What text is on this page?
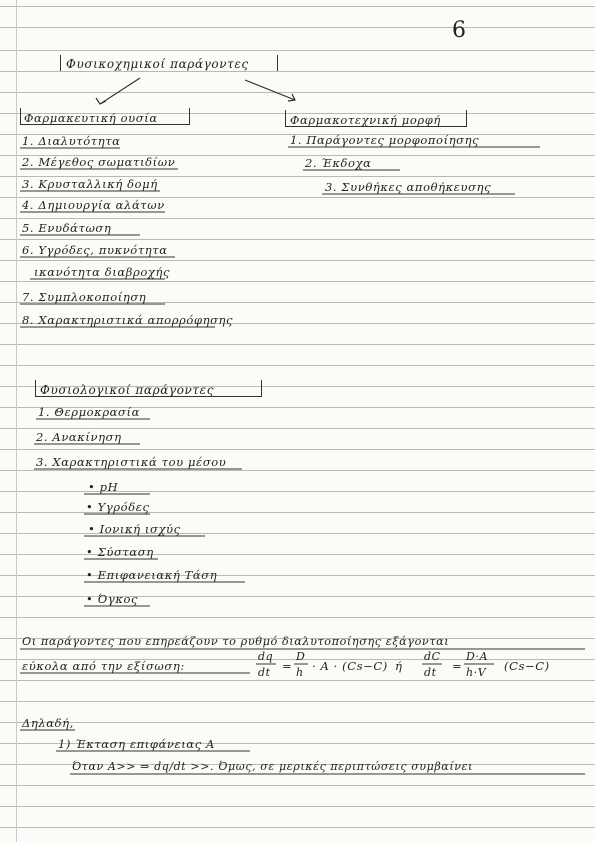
6
Φυσικοχημικοί παράγοντες
Φαρμακευτική ουσία	Φαρμακοτεχνική μορφή
1. Διαλυτότητα
2. Μέγεθος σωματιδίων
3. Κρυσταλλική δομή
4. Δημιουργία αλάτων
5. Ενυδάτωση
6. Υγρόδες, πυκνότητα
ικανότητα διαβροχής
7. Συμπλοκοποίηση
8. Χαρακτηριστικά απορρόφησης
1. Παράγοντες μορφοποίησης
2. Έκδοχα
3. Συνθήκες αποθήκευσης
Φυσιολογικοί παράγοντες
1. Θερμοκρασία
2. Ανακίνηση
3. Χαρακτηριστικά του μέσου
• pH
• Υγρόδες
• Ιονική ισχύς
• Σύσταση
• Επιφανειακή Τάση
• Όγκος
Οι παράγοντες που επηρεάζουν το ρυθμό διαλυτοποίησης εξάγονται
εύκολα από την εξίσωση:
dq
dt =
D
h · A · (Cs−C) ή
dC
dt =
D·A
h·V (Cs−C)
Δηλαδή,
1) Έκταση επιφάνειας A
Όταν A>> ⇒ dq/dt >>. Όμως, σε μερικές περιπτώσεις συμβαίνει
